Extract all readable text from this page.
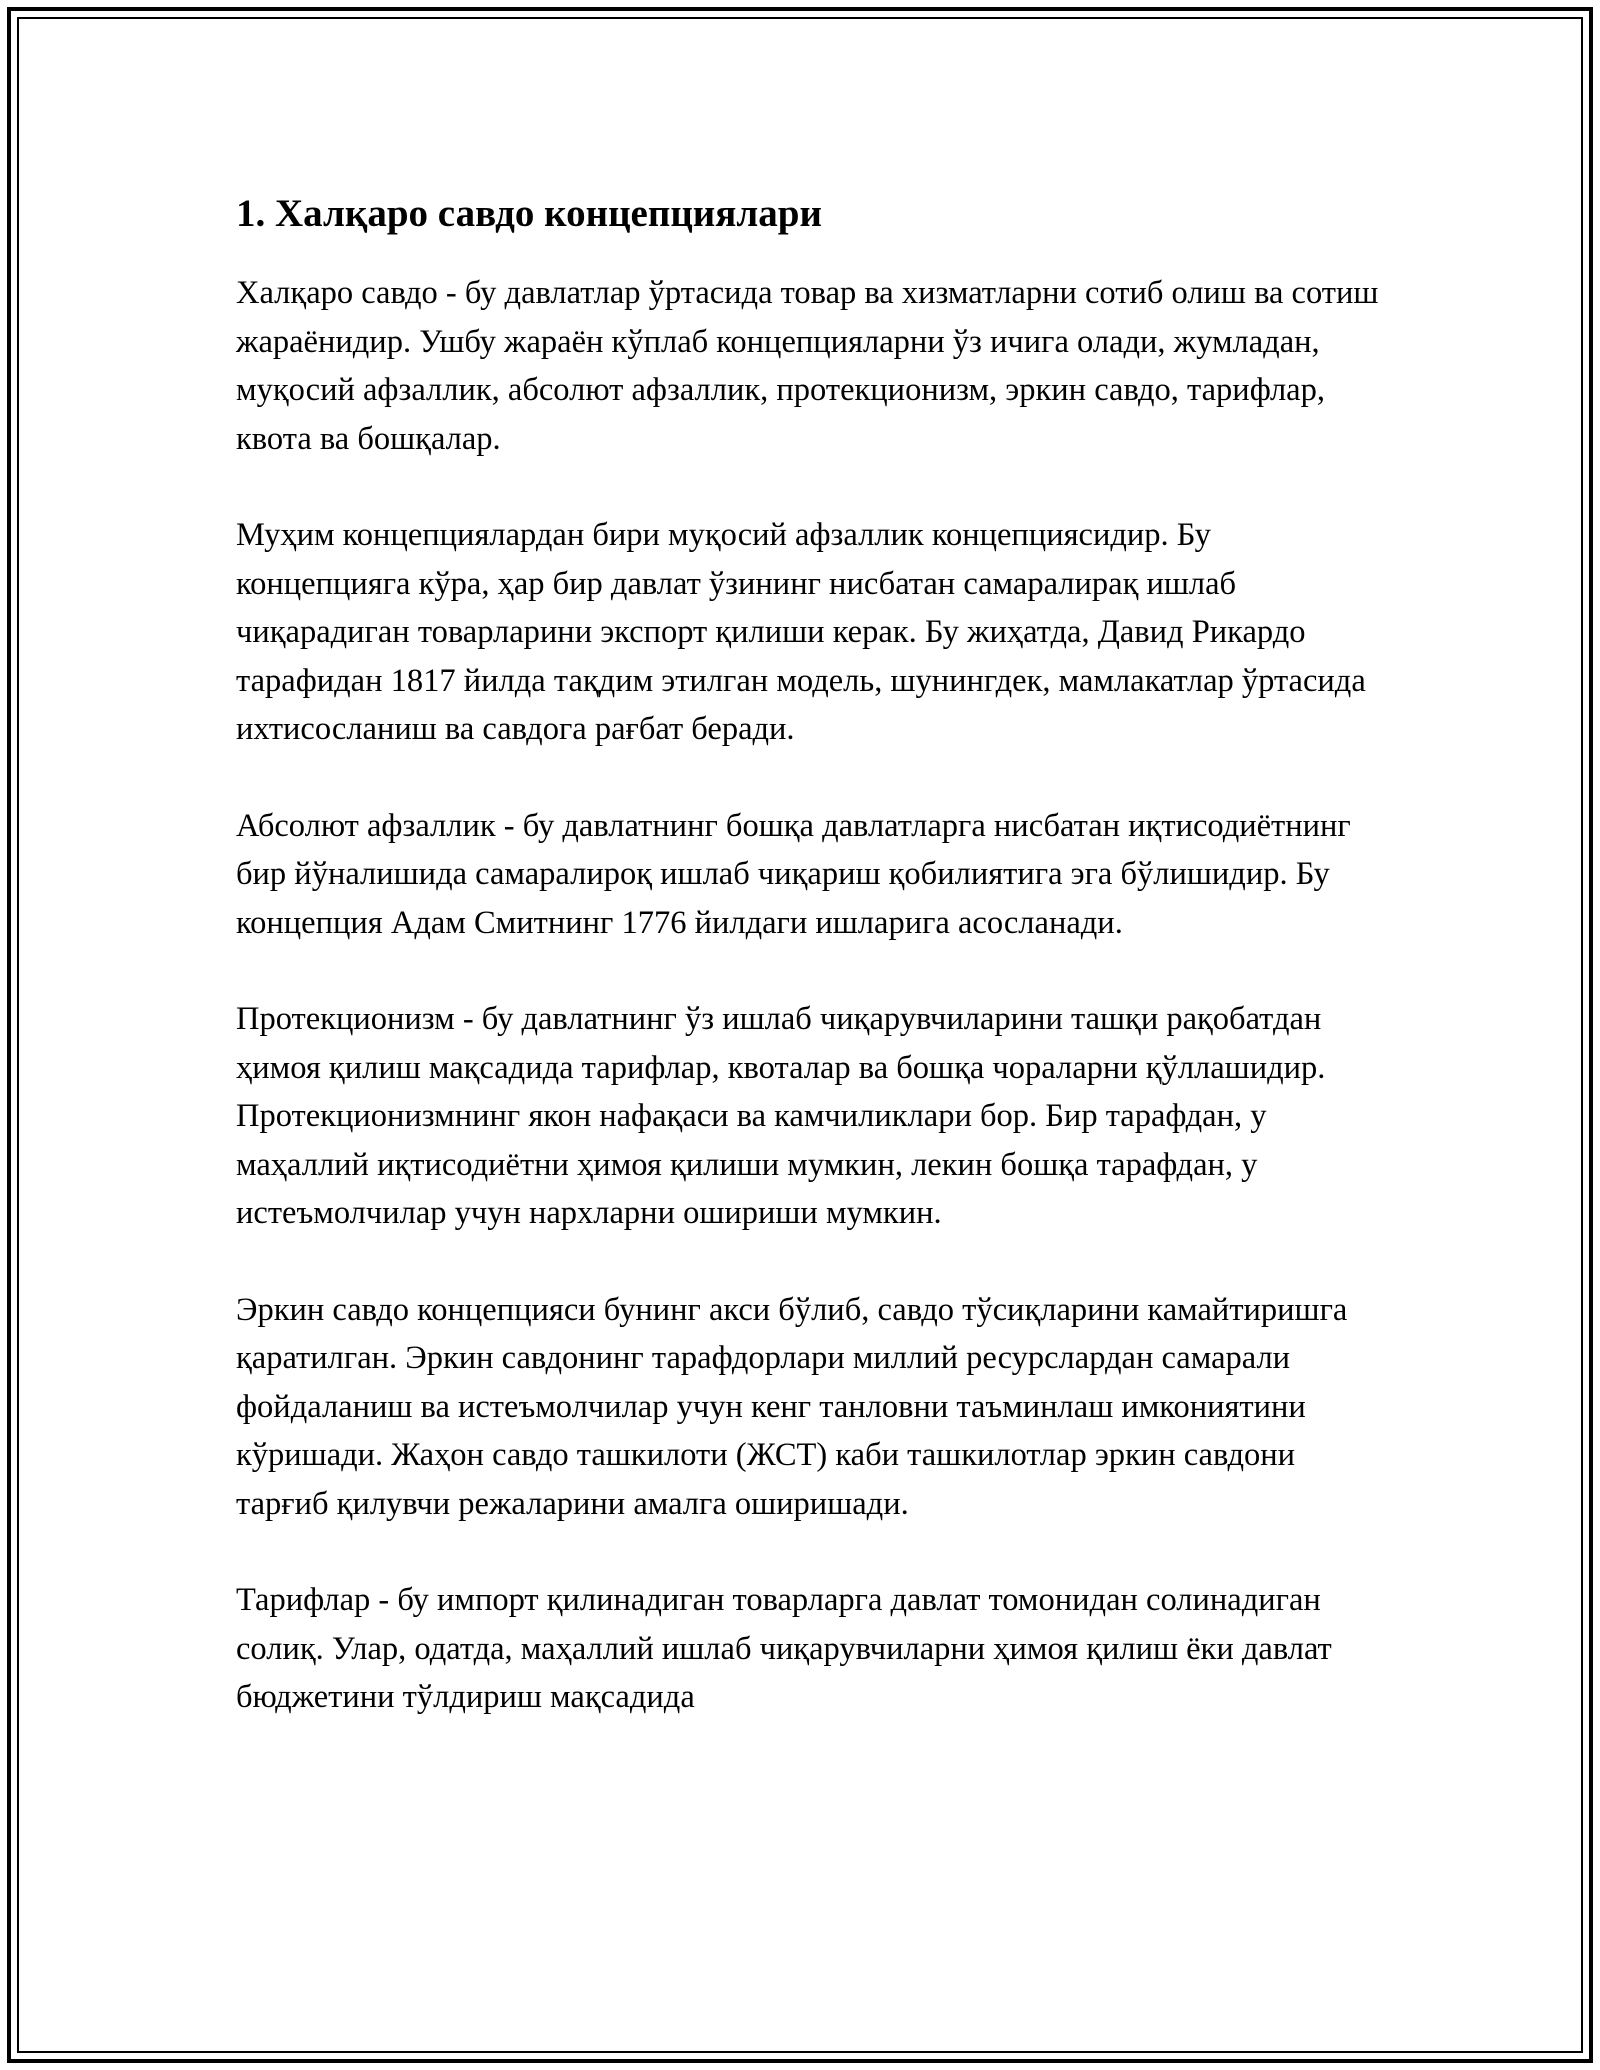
1. Халқаро савдо концепциялари

Халқаро савдо - бу давлатлар ўртасида товар ва хизматларни сотиб олиш ва сотиш жараёнидир. Ушбу жараён кўплаб концепцияларни ўз ичига олади, жумладан, муқосий афзаллик, абсолют афзаллик, протекционизм, эркин савдо, тарифлар, квота ва бошқалар.

Муҳим концепциялардан бири муқосий афзаллик концепциясидир. Бу концепцияга кўра, ҳар бир давлат ўзининг нисбатан самаралирақ ишлаб чиқарадиган товарларини экспорт қилиши керак. Бу жиҳатда, Давид Рикардо тарафидан 1817 йилда тақдим этилган модель, шунингдек, мамлакатлар ўртасида ихтисосланиш ва савдога рағбат беради.

Абсолют афзаллик - бу давлатнинг бошқа давлатларга нисбатан иқтисодиётнинг бир йўналишида самаралироқ ишлаб чиқариш қобилиятига эга бўлишидир. Бу концепция Адам Смитнинг 1776 йилдаги ишларига асосланади.

Протекционизм - бу давлатнинг ўз ишлаб чиқарувчиларини ташқи рақобатдан ҳимоя қилиш мақсадида тарифлар, квоталар ва бошқа чораларни қўллашидир. Протекционизмнинг якон нафақаси ва камчиликлари бор. Бир тарафдан, у маҳаллий иқтисодиётни ҳимоя қилиши мумкин, лекин бошқа тарафдан, у истеъмолчилар учун нархларни ошириши мумкин.

Эркин савдо концепцияси бунинг акси бўлиб, савдо тўсиқларини камайтиришга қаратилган. Эркин савдонинг тарафдорлари миллий ресурслардан самарали фойдаланиш ва истеъмолчилар учун кенг танловни таъминлаш имкониятини кўришади. Жаҳон савдо ташкилоти (ЖСТ) каби ташкилотлар эркин савдони тарғиб қилувчи режаларини амалга оширишади.

Тарифлар - бу импорт қилинадиган товарларга давлат томонидан солинадиган солиқ. Улар, одатда, маҳаллий ишлаб чиқарувчиларни ҳимоя қилиш ёки давлат бюджетини тўлдириш мақсадида
